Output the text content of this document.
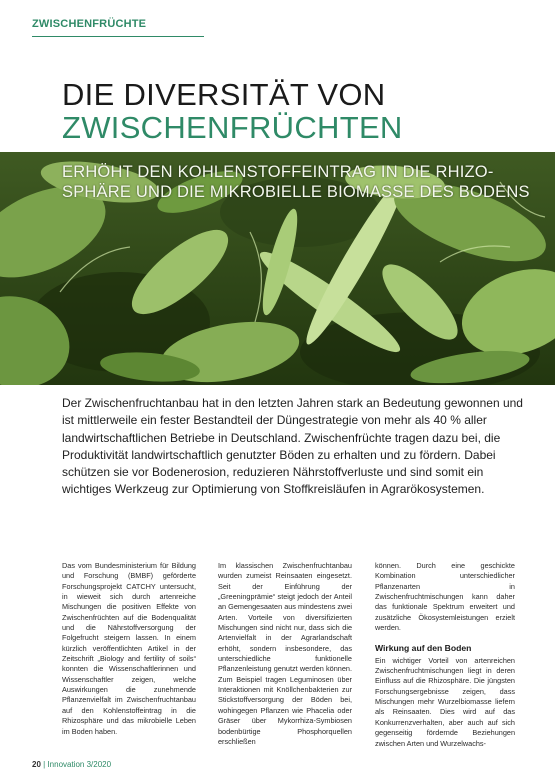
ZWISCHENFRÜCHTE
DIE DIVERSITÄT VON
ZWISCHENFRÜCHTEN
ERHÖHT DEN KOHLENSTOFFEINTRAG IN DIE RHIZO-SPHÄRE UND DIE MIKROBIELLE BIOMASSE DES BODENS

Der Zwischenfruchtanbau hat in den letzten Jahren stark an Bedeutung gewonnen und ist mittlerweile ein fester Bestandteil der Düngestrategie von mehr als 40 % aller landwirtschaftlichen Betriebe in Deutschland. Zwischenfrüchte tragen dazu bei, die Produktivität landwirtschaftlich genutzter Böden zu erhalten und zu fördern. Dabei schützen sie vor Bodenerosion, reduzieren Nährstoffverluste und sind somit ein wichtiges Werkzeug zur Optimierung von Stoffkreisläufen in Agrarökosystemen.

Das vom Bundesministerium für Bildung und Forschung (BMBF) geförderte Forschungsprojekt CATCHY untersucht, in wieweit sich durch artenreiche Mischungen die positiven Effekte von Zwischenfrüchten auf die Bodenqualität und die Nährstoffversorgung der Folgefrucht steigern lassen. In einem kürzlich veröffentlichten Artikel in der Zeitschrift „Biology and fertility of soils“ konnten die Wissenschaftlerinnen und Wissenschaftler zeigen, welche Auswirkungen die zunehmende Pflanzenvielfalt im Zwischenfruchtanbau auf den Kohlenstoffeintrag in die Rhizosphäre und das mikrobielle Leben im Boden haben.

Im klassischen Zwischenfruchtanbau wurden zumeist Reinsaaten eingesetzt. Seit der Einführung der „Greeningprämie“ steigt jedoch der Anteil an Gemengesaaten aus mindestens zwei Arten. Vorteile von diversifizierten Mischungen sind nicht nur, dass sich die Artenvielfalt in der Agrarlandschaft erhöht, sondern insbesondere, das unterschiedliche funktionelle Pflanzenleistung genutzt werden können. Zum Beispiel tragen Leguminosen über Interaktionen mit Knöllchenbakterien zur Stickstoffversorgung der Böden bei, wohingegen Pflanzen wie Phacelia oder Gräser über Mykorrhiza-Symbiosen bodenbürtige Phosphorquellen erschließen

können. Durch eine geschickte Kombination unterschiedlicher Pflanzenarten in Zwischenfruchtmischungen kann daher das funktionale Spektrum erweitert und zusätzliche Ökosystemleistungen erzielt werden.

Wirkung auf den Boden

Ein wichtiger Vorteil von artenreichen Zwischenfruchtmischungen liegt in deren Einfluss auf die Rhizosphäre. Die jüngsten Forschungsergebnisse zeigen, dass Mischungen mehr Wurzelbiomasse liefern als Reinsaaten. Dies wird auf das Konkurrenzverhalten, aber auch auf sich gegenseitig fördernde Beziehungen zwischen Arten und Wurzelwachs-

20 | Innovation 3/2020
